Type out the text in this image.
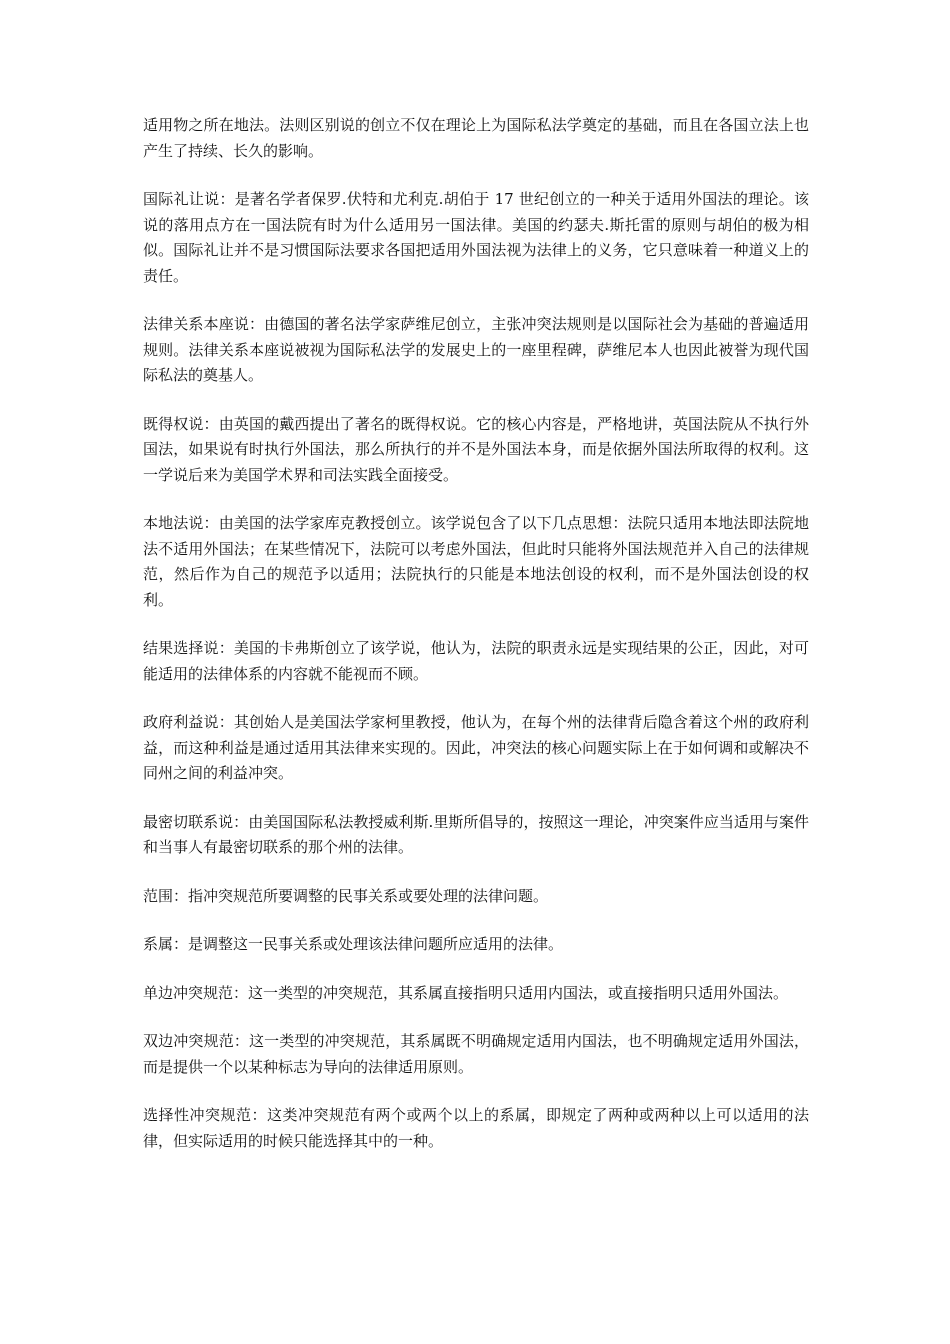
适用物之所在地法。法则区别说的创立不仅在理论上为国际私法学奠定的基础，而且在各国立法上也产生了持续、长久的影响。

国际礼让说：是著名学者保罗.伏特和尤利克.胡伯于 17 世纪创立的一种关于适用外国法的理论。该说的落用点方在一国法院有时为什么适用另一国法律。美国的约瑟夫.斯托雷的原则与胡伯的极为相似。国际礼让并不是习惯国际法要求各国把适用外国法视为法律上的义务，它只意味着一种道义上的责任。

法律关系本座说：由德国的著名法学家萨维尼创立，主张冲突法规则是以国际社会为基础的普遍适用规则。法律关系本座说被视为国际私法学的发展史上的一座里程碑，萨维尼本人也因此被誉为现代国际私法的奠基人。

既得权说：由英国的戴西提出了著名的既得权说。它的核心内容是，严格地讲，英国法院从不执行外国法，如果说有时执行外国法，那么所执行的并不是外国法本身，而是依据外国法所取得的权利。这一学说后来为美国学术界和司法实践全面接受。

本地法说：由美国的法学家库克教授创立。该学说包含了以下几点思想：法院只适用本地法即法院地法不适用外国法；在某些情况下，法院可以考虑外国法，但此时只能将外国法规范并入自己的法律规范，然后作为自己的规范予以适用；法院执行的只能是本地法创设的权利，而不是外国法创设的权利。

结果选择说：美国的卡弗斯创立了该学说，他认为，法院的职责永远是实现结果的公正，因此，对可能适用的法律体系的内容就不能视而不顾。

政府利益说：其创始人是美国法学家柯里教授，他认为，在每个州的法律背后隐含着这个州的政府利益，而这种利益是通过适用其法律来实现的。因此，冲突法的核心问题实际上在于如何调和或解决不同州之间的利益冲突。

最密切联系说：由美国国际私法教授威利斯.里斯所倡导的，按照这一理论，冲突案件应当适用与案件和当事人有最密切联系的那个州的法律。

范围：指冲突规范所要调整的民事关系或要处理的法律问题。

系属：是调整这一民事关系或处理该法律问题所应适用的法律。

单边冲突规范：这一类型的冲突规范，其系属直接指明只适用内国法，或直接指明只适用外国法。

双边冲突规范：这一类型的冲突规范，其系属既不明确规定适用内国法，也不明确规定适用外国法，而是提供一个以某种标志为导向的法律适用原则。

选择性冲突规范：这类冲突规范有两个或两个以上的系属，即规定了两种或两种以上可以适用的法律，但实际适用的时候只能选择其中的一种。
